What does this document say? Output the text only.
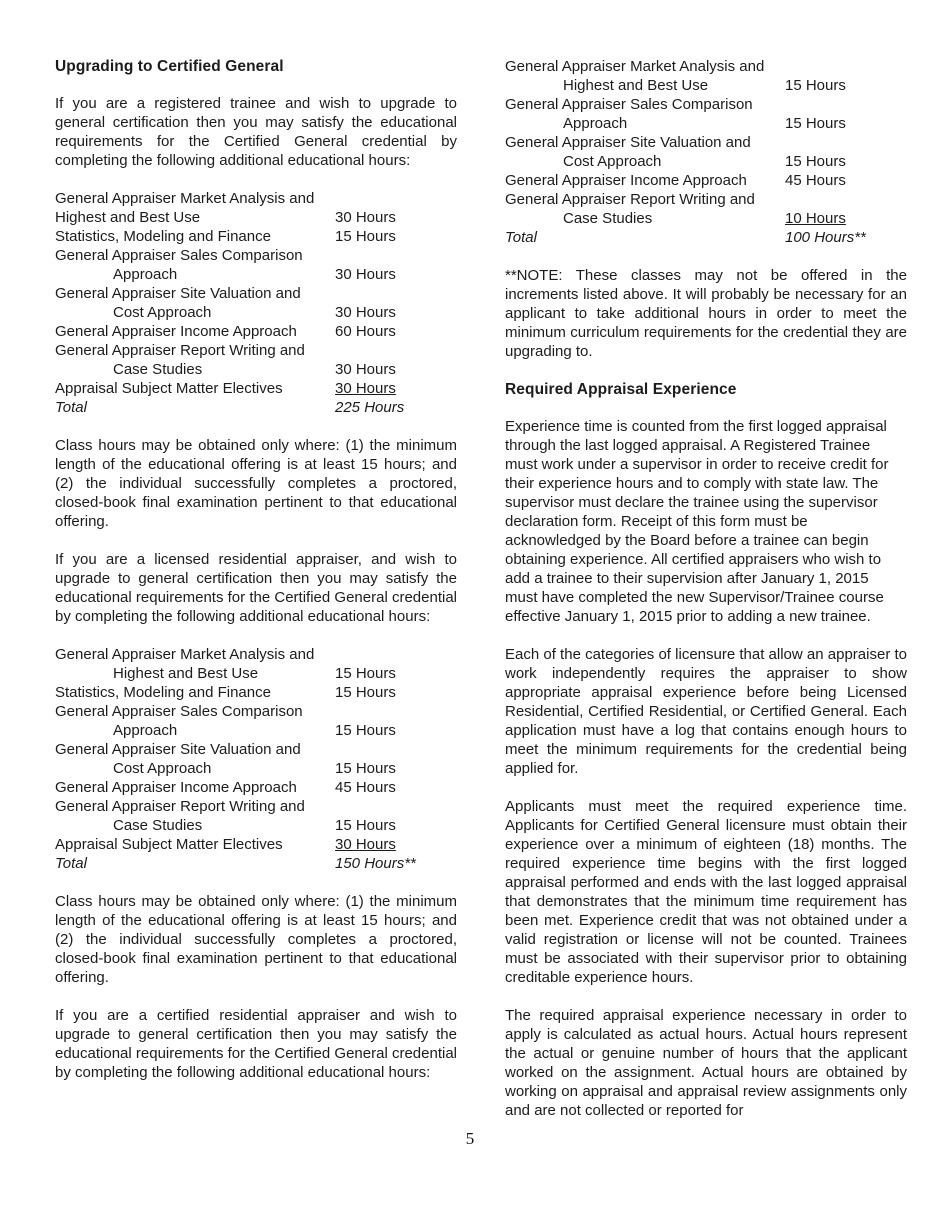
Upgrading to Certified General
If you are a registered trainee and wish to upgrade to general certification then you may satisfy the educational requirements for the Certified General credential by completing the following additional educational hours:
General Appraiser Market Analysis and
Highest and Best Use	30 Hours
Statistics, Modeling and Finance	15 Hours
General Appraiser Sales Comparison
Approach	30 Hours
General Appraiser Site Valuation and
Cost Approach	30 Hours
General Appraiser Income Approach	60 Hours
General Appraiser Report Writing and
Case Studies	30 Hours
Appraisal Subject Matter Electives	30 Hours
Total	225 Hours
Class hours may be obtained only where: (1) the minimum length of the educational offering is at least 15 hours; and (2) the individual successfully completes a proctored, closed-book final examination pertinent to that educational offering.
If you are a licensed residential appraiser, and wish to upgrade to general certification then you may satisfy the educational requirements for the Certified General credential by completing the following additional educational hours:
General Appraiser Market Analysis and
Highest and Best Use	15 Hours
Statistics, Modeling and Finance	15 Hours
General Appraiser Sales Comparison
Approach	15 Hours
General Appraiser Site Valuation and
Cost Approach	15 Hours
General Appraiser Income Approach	45 Hours
General Appraiser Report Writing and
Case Studies	15 Hours
Appraisal Subject Matter Electives	30 Hours
Total	150 Hours**
Class hours may be obtained only where: (1) the minimum length of the educational offering is at least 15 hours; and (2) the individual successfully completes a proctored, closed-book final examination pertinent to that educational offering.
If you are a certified residential appraiser and wish to upgrade to general certification then you may satisfy the educational requirements for the Certified General credential by completing the following additional educational hours:
General Appraiser Market Analysis and
Highest and Best Use	15 Hours
General Appraiser Sales Comparison
Approach	15 Hours
General Appraiser Site Valuation and
Cost Approach	15 Hours
General Appraiser Income Approach	45 Hours
General Appraiser Report Writing and
Case Studies	10 Hours
Total	100 Hours**
**NOTE: These classes may not be offered in the increments listed above. It will probably be necessary for an applicant to take additional hours in order to meet the minimum curriculum requirements for the credential they are upgrading to.
Required Appraisal Experience
Experience time is counted from the first logged appraisal through the last logged appraisal. A Registered Trainee must work under a supervisor in order to receive credit for their experience hours and to comply with state law. The supervisor must declare the trainee using the supervisor declaration form. Receipt of this form must be acknowledged by the Board before a trainee can begin obtaining experience. All certified appraisers who wish to add a trainee to their supervision after January 1, 2015 must have completed the new Supervisor/Trainee course effective January 1, 2015 prior to adding a new trainee.
Each of the categories of licensure that allow an appraiser to work independently requires the appraiser to show appropriate appraisal experience before being Licensed Residential, Certified Residential, or Certified General. Each application must have a log that contains enough hours to meet the minimum requirements for the credential being applied for.
Applicants must meet the required experience time. Applicants for Certified General licensure must obtain their experience over a minimum of eighteen (18) months. The required experience time begins with the first logged appraisal performed and ends with the last logged appraisal that demonstrates that the minimum time requirement has been met. Experience credit that was not obtained under a valid registration or license will not be counted. Trainees must be associated with their supervisor prior to obtaining creditable experience hours.
The required appraisal experience necessary in order to apply is calculated as actual hours. Actual hours represent the actual or genuine number of hours that the applicant worked on the assignment. Actual hours are obtained by working on appraisal and appraisal review assignments only and are not collected or reported for
5
